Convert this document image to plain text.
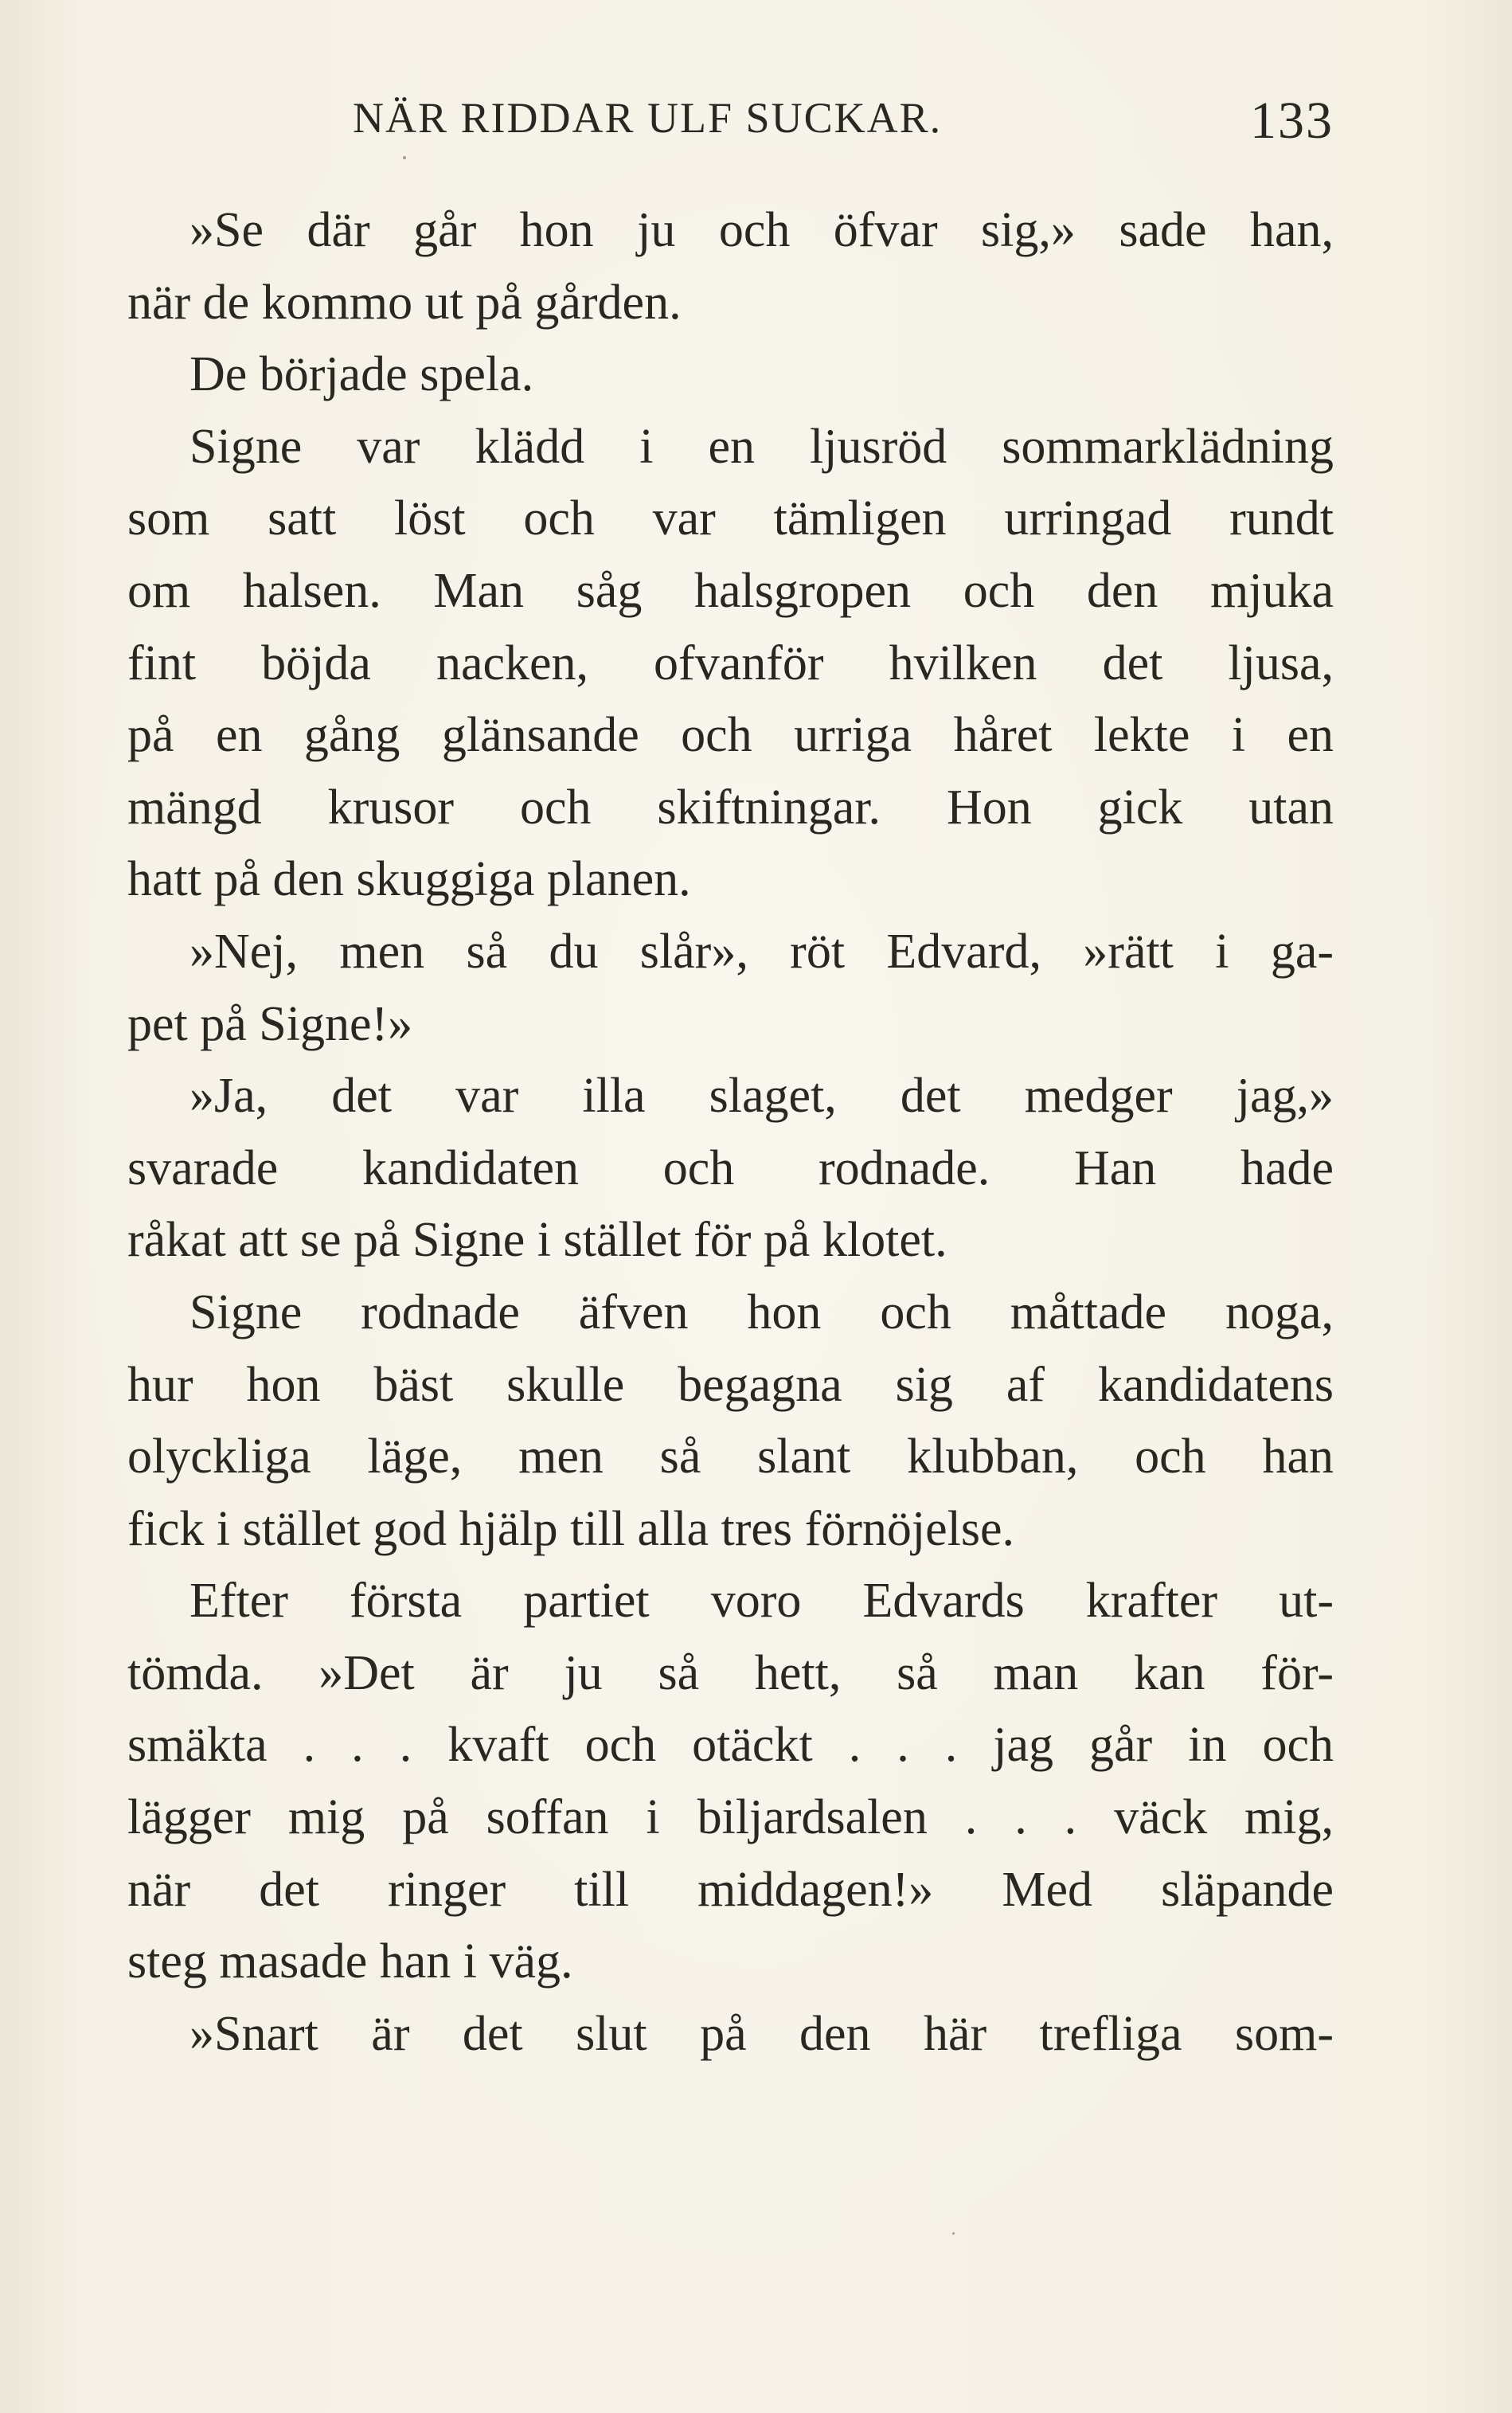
NÄR RIDDAR ULF SUCKAR.	133
»Se där går hon ju och öfvar sig,» sade han,
när de kommo ut på gården.
De började spela.
Signe var klädd i en ljusröd sommarklädning
som satt löst och var tämligen urringad rundt
om halsen. Man såg halsgropen och den mjuka
fint böjda nacken, ofvanför hvilken det ljusa,
på en gång glänsande och urriga håret lekte i en
mängd krusor och skiftningar. Hon gick utan
hatt på den skuggiga planen.
»Nej, men så du slår», röt Edvard, »rätt i ga-
pet på Signe!»
»Ja, det var illa slaget, det medger jag,»
svarade kandidaten och rodnade. Han hade
råkat att se på Signe i stället för på klotet.
Signe rodnade äfven hon och måttade noga,
hur hon bäst skulle begagna sig af kandidatens
olyckliga läge, men så slant klubban, och han
fick i stället god hjälp till alla tres förnöjelse.
Efter första partiet voro Edvards krafter ut-
tömda. »Det är ju så hett, så man kan för-
smäkta . . . kvaft och otäckt . . . jag går in och
lägger mig på soffan i biljardsalen . . . väck mig,
när det ringer till middagen!» Med släpande
steg masade han i väg.
»Snart är det slut på den här trefliga som-
